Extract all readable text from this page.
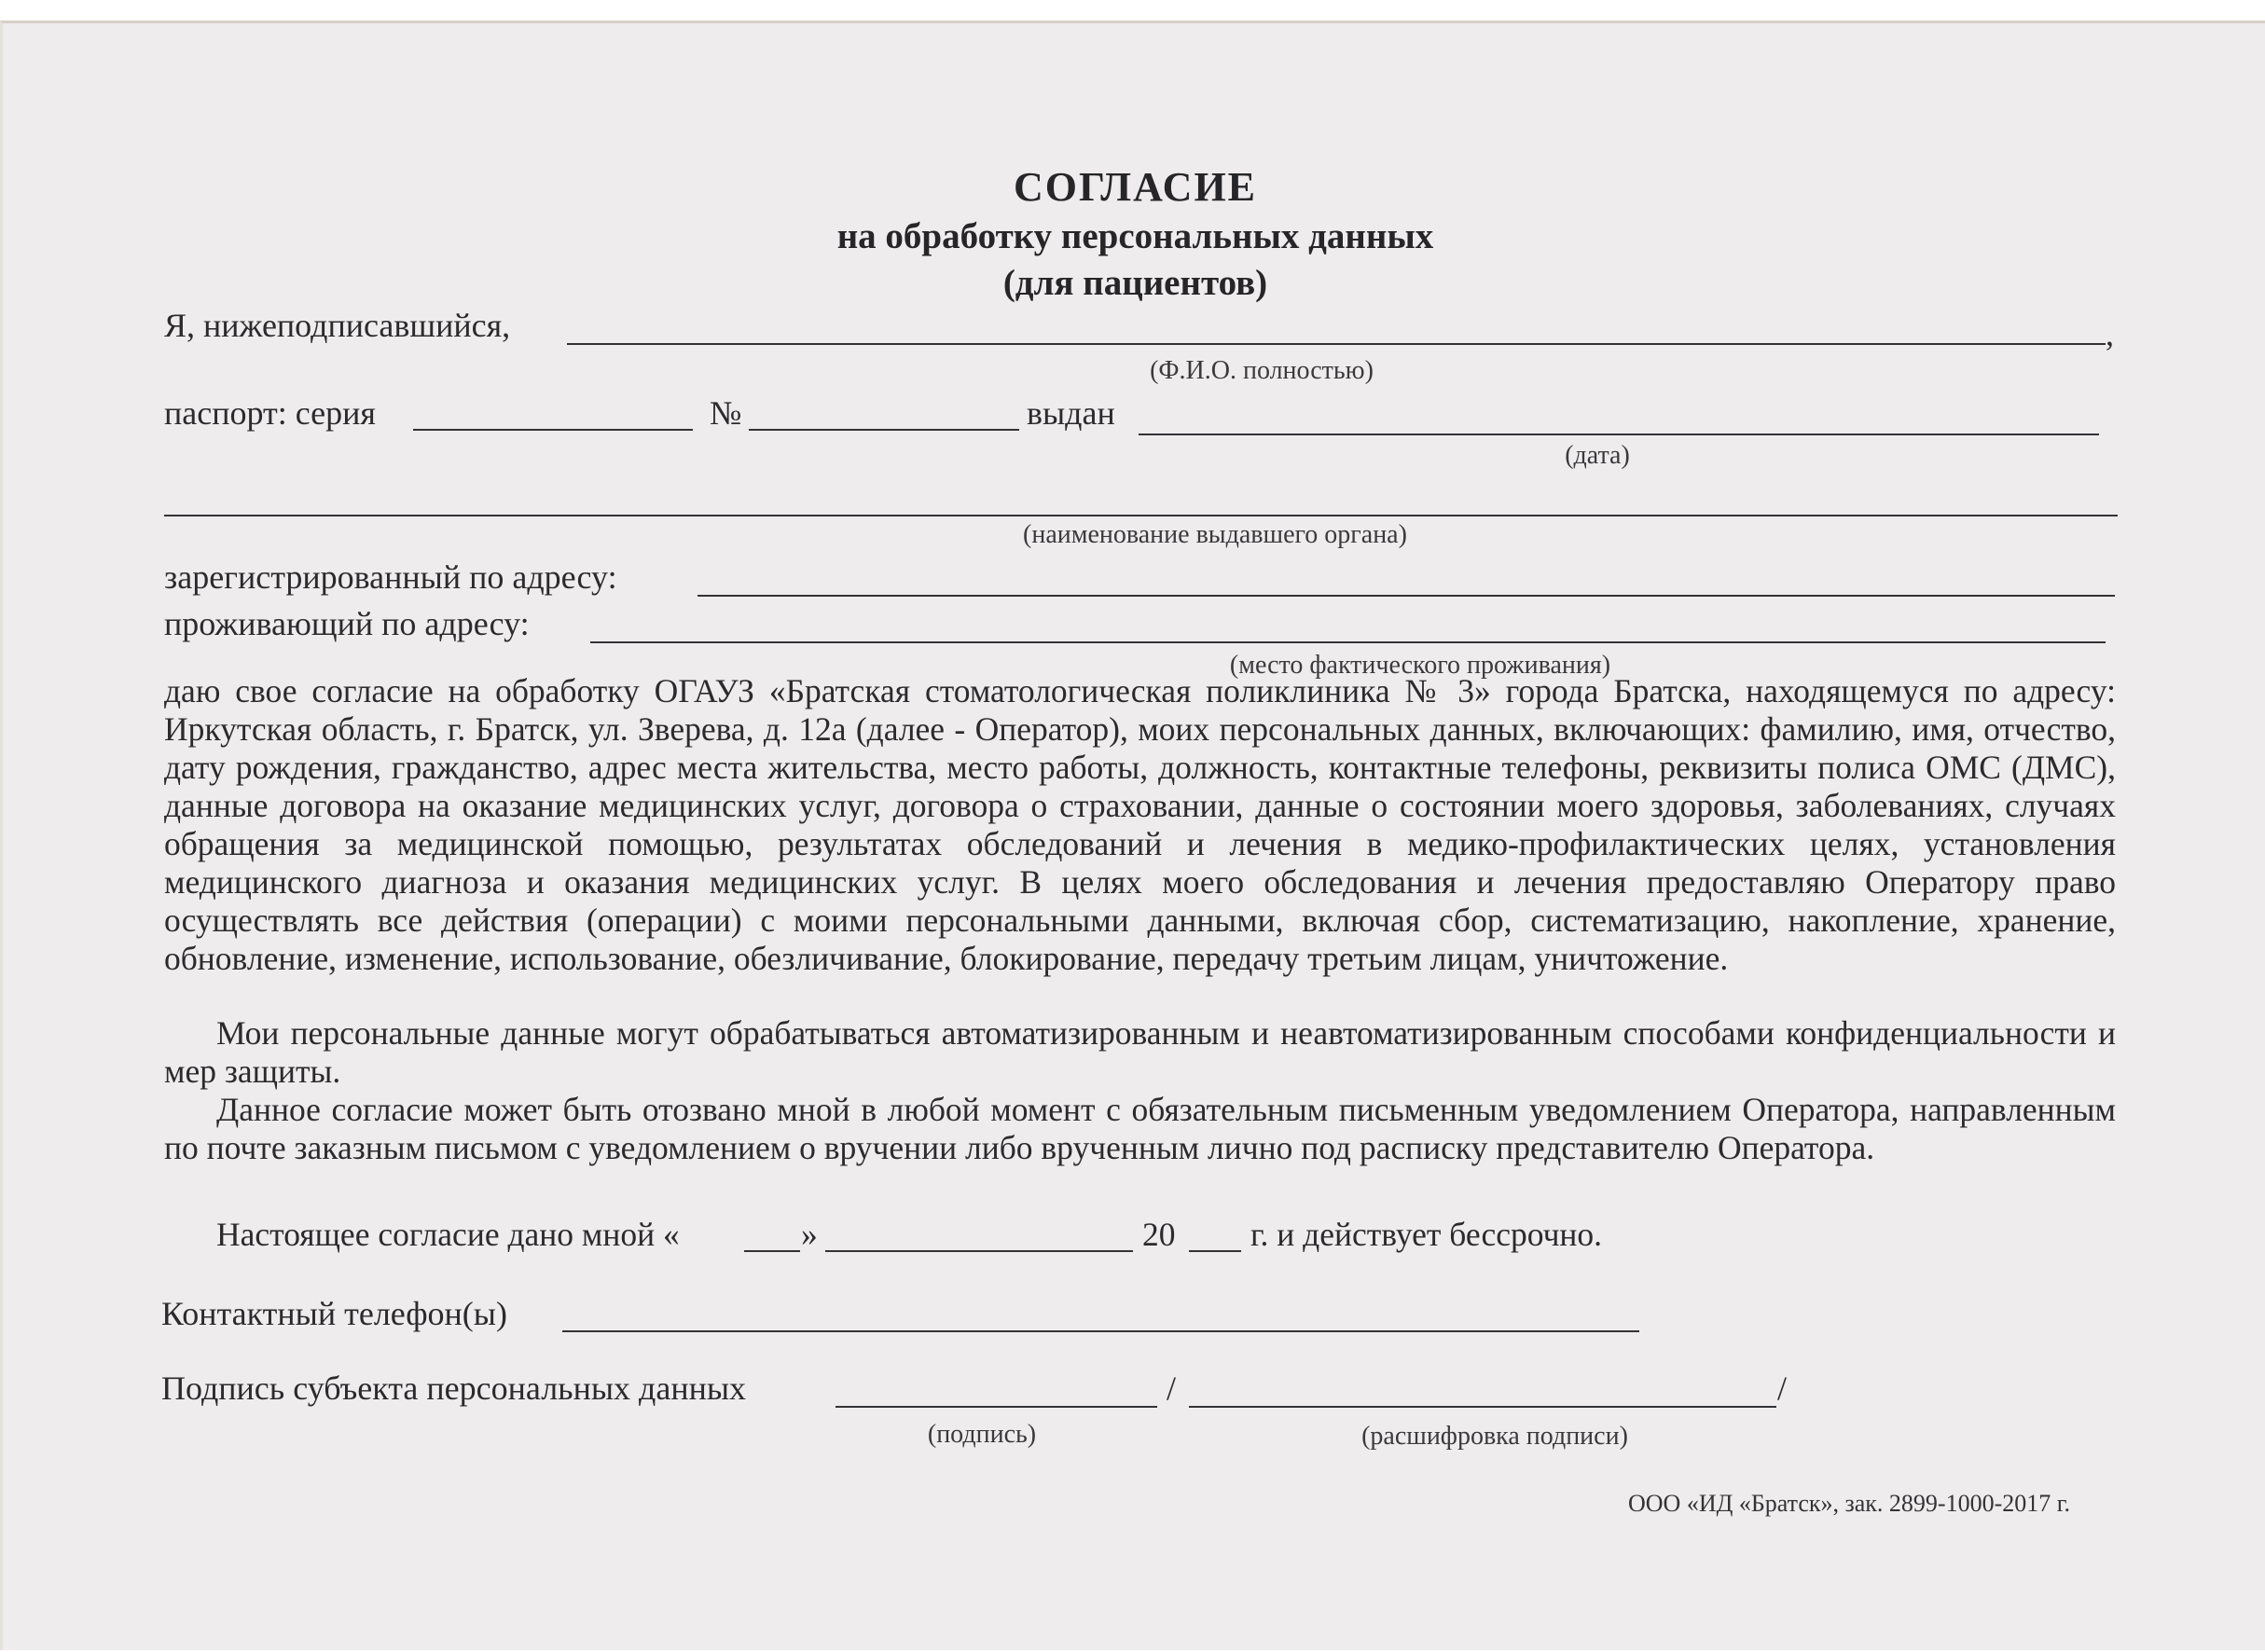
СОГЛАСИЕ
на обработку персональных данных
(для пациентов)
Я, нижеподписавшийся,	,
(Ф.И.О. полностью)
паспорт: серия	№	выдан
(дата)
(наименование выдавшего органа)
зарегистрированный по адресу:
проживающий по адресу:
(место фактического проживания)
даю свое согласие на обработку ОГАУЗ «Братская стоматологическая поликлиника № 3» города Братска, находящемуся по адресу: Иркутская область, г. Братск, ул. Зверева, д. 12а (далее - Оператор), моих персональных данных, включающих: фамилию, имя, отчество, дату рождения, гражданство, адрес места жительства, место работы, должность, контактные телефоны, реквизиты полиса ОМС (ДМС), данные договора на оказание медицинских услуг, договора о страховании, данные о состоянии моего здоровья, заболеваниях, случаях обращения за медицинской помощью, результатах обследований и лечения в медико-профилактических целях, установления медицинского диагноза и оказания медицинских услуг. В целях моего обследования и лечения предоставляю Оператору право осуществлять все действия (операции) с моими персональными данными, включая сбор, систематизацию, накопление, хранение, обновление, изменение, использование, обезличивание, блокирование, передачу третьим лицам, уничтожение.
Мои персональные данные могут обрабатываться автоматизированным и неавтоматизированным способами конфиденциальности и мер защиты.
Данное согласие может быть отозвано мной в любой момент с обязательным письменным уведомлением Оператора, направленным по почте заказным письмом с уведомлением о вручении либо врученным лично под расписку представителю Оператора.
Настоящее согласие дано мной «	»	20 г. и действует бессрочно.
Контактный телефон(ы)
Подпись субъекта персональных данных	/	/
(подпись)	(расшифровка подписи)
ООО «ИД «Братск», зак. 2899-1000-2017 г.
